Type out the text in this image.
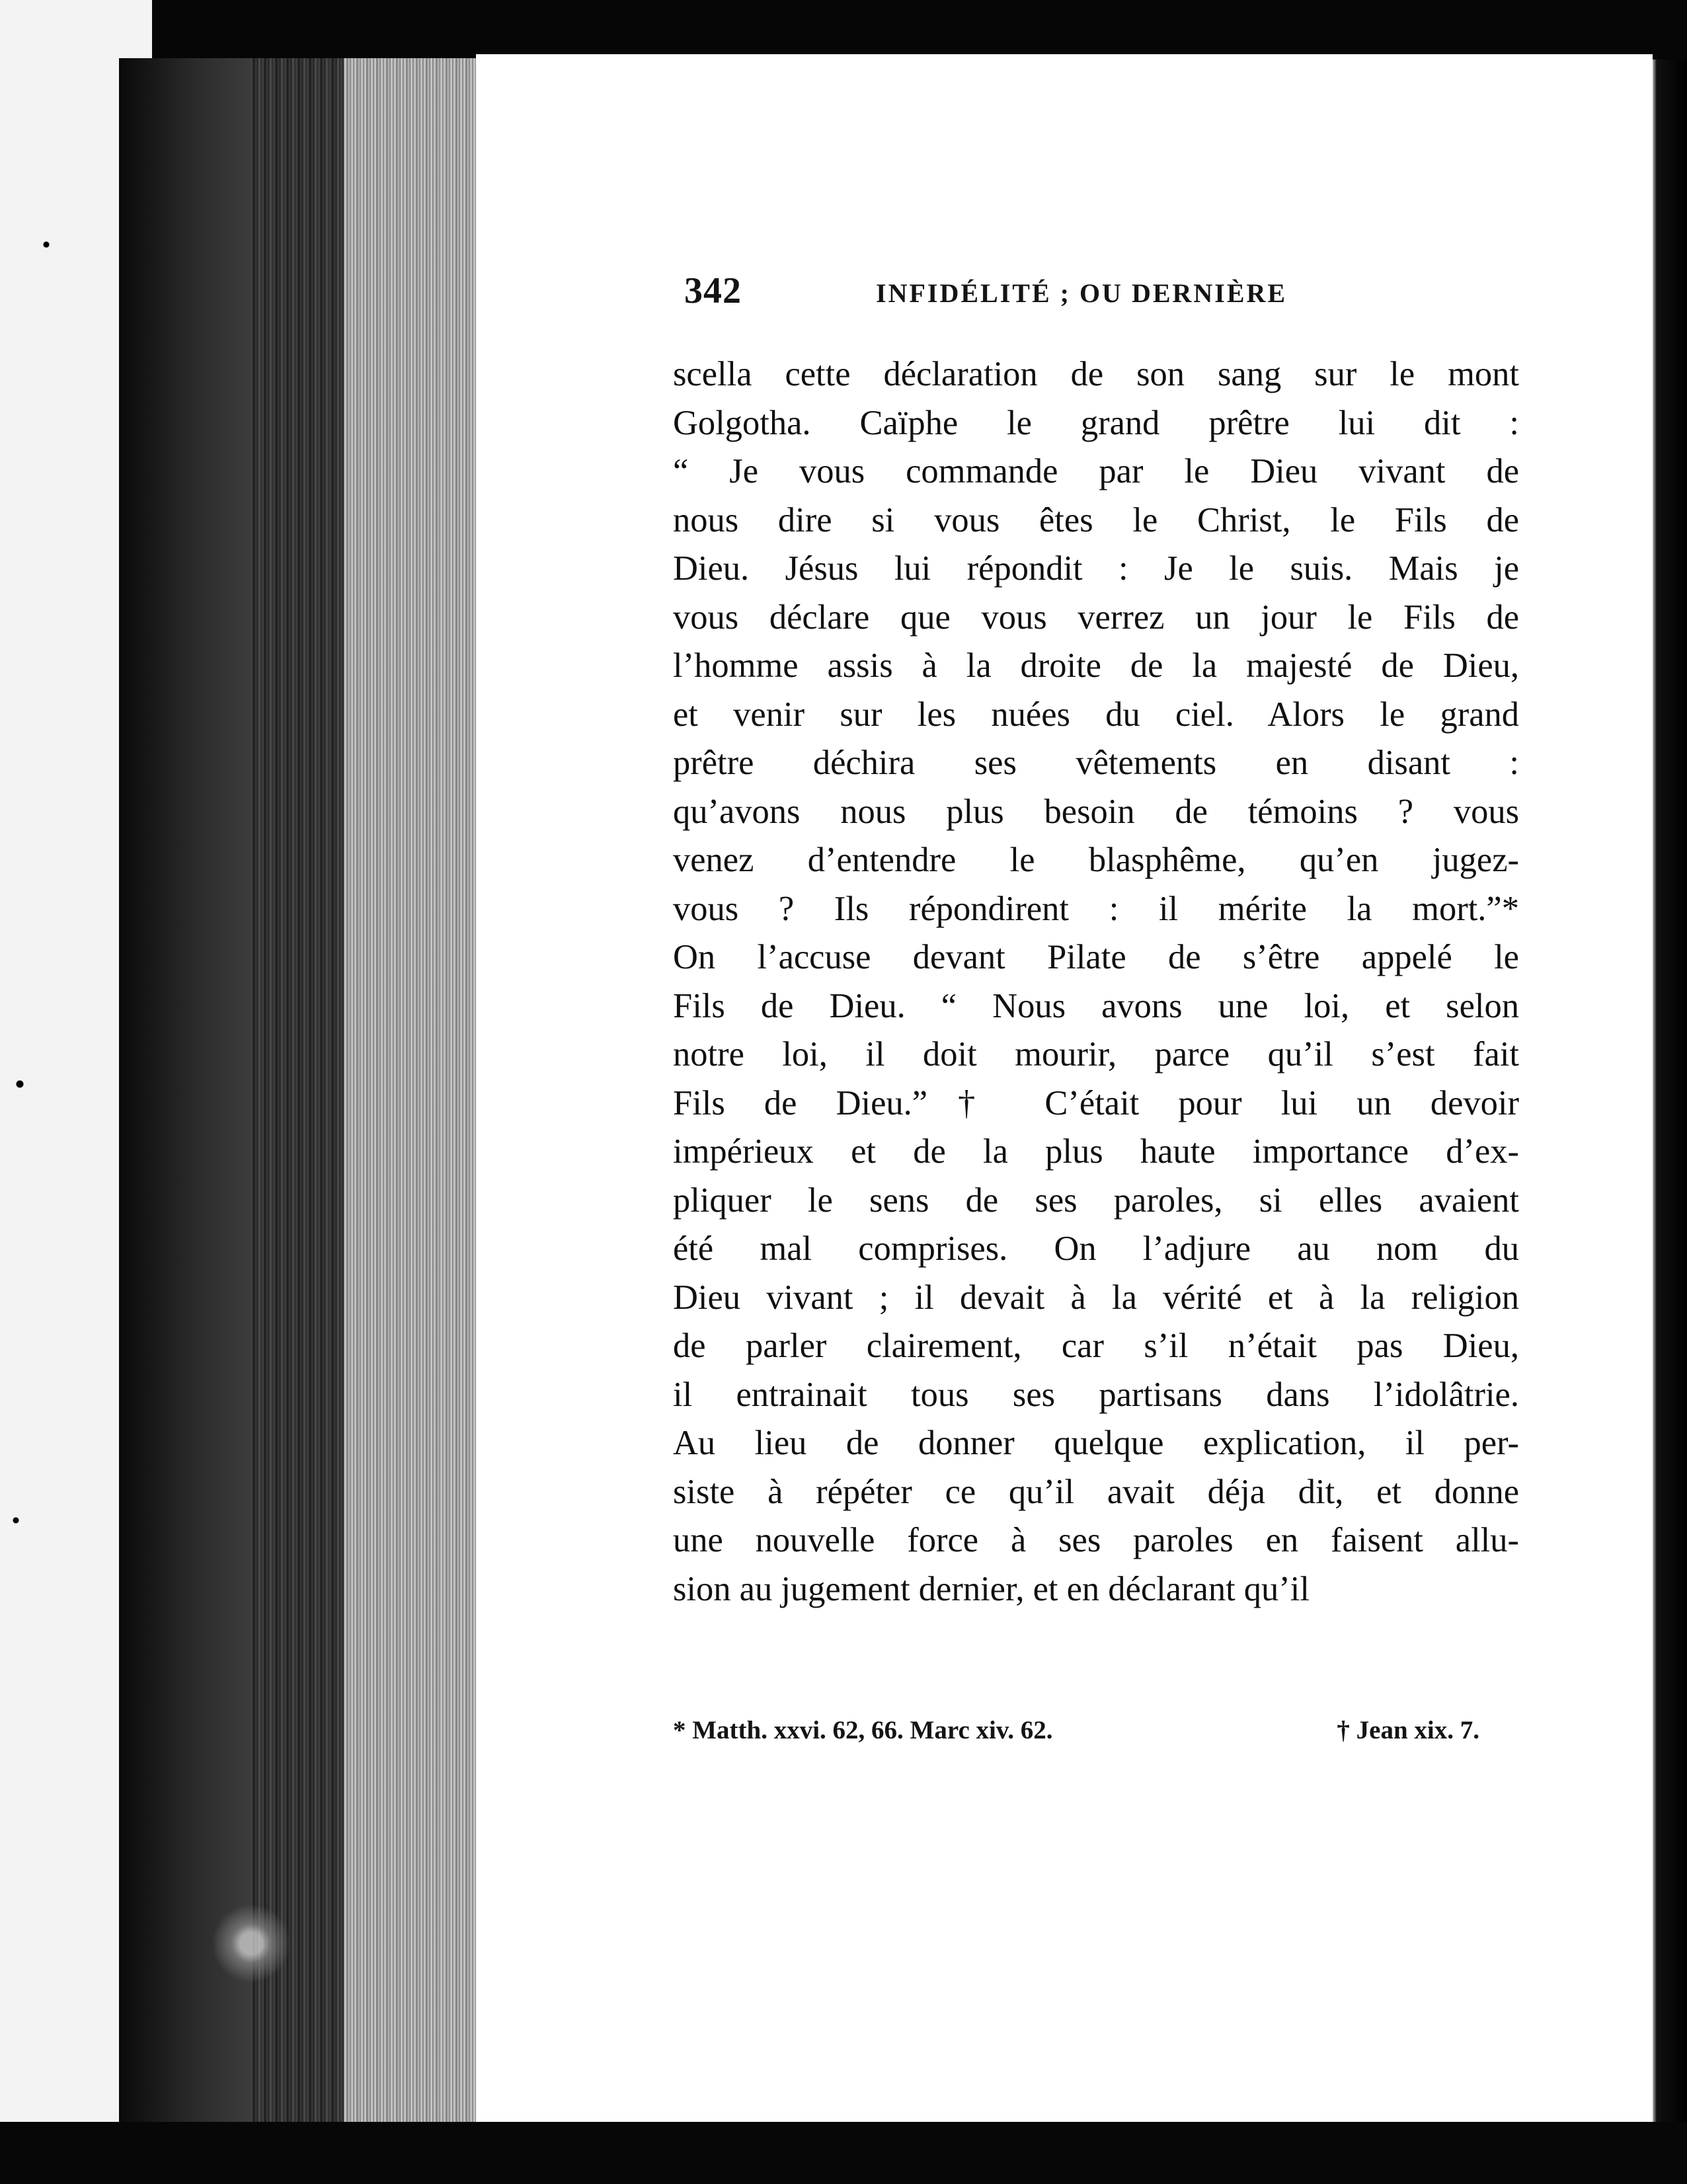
342	INFIDÉLITÉ ; OU DERNIÈRE
scella cette déclaration de son sang sur le mont
Golgotha. Caïphe le grand prêtre lui dit :
“ Je vous commande par le Dieu vivant de
nous dire si vous êtes le Christ, le Fils de
Dieu. Jésus lui répondit : Je le suis. Mais je
vous déclare que vous verrez un jour le Fils de
l’homme assis à la droite de la majesté de Dieu,
et venir sur les nuées du ciel. Alors le grand
prêtre déchira ses vêtements en disant :
qu’avons nous plus besoin de témoins ? vous
venez d’entendre le blasphême, qu’en jugez-
vous ? Ils répondirent : il mérite la mort.”*
On l’accuse devant Pilate de s’être appelé le
Fils de Dieu. “ Nous avons une loi, et selon
notre loi, il doit mourir, parce qu’il s’est fait
Fils de Dieu.”† C’était pour lui un devoir
impérieux et de la plus haute importance d’ex-
pliquer le sens de ses paroles, si elles avaient
été mal comprises. On l’adjure au nom du
Dieu vivant ; il devait à la vérité et à la religion
de parler clairement, car s’il n’était pas Dieu,
il entrainait tous ses partisans dans l’idolâtrie.
Au lieu de donner quelque explication, il per-
siste à répéter ce qu’il avait déja dit, et donne
une nouvelle force à ses paroles en faisent allu-
sion au jugement dernier, et en déclarant qu’il
* Matth. xxvi. 62, 66. Marc xiv. 62.	† Jean xix. 7.
